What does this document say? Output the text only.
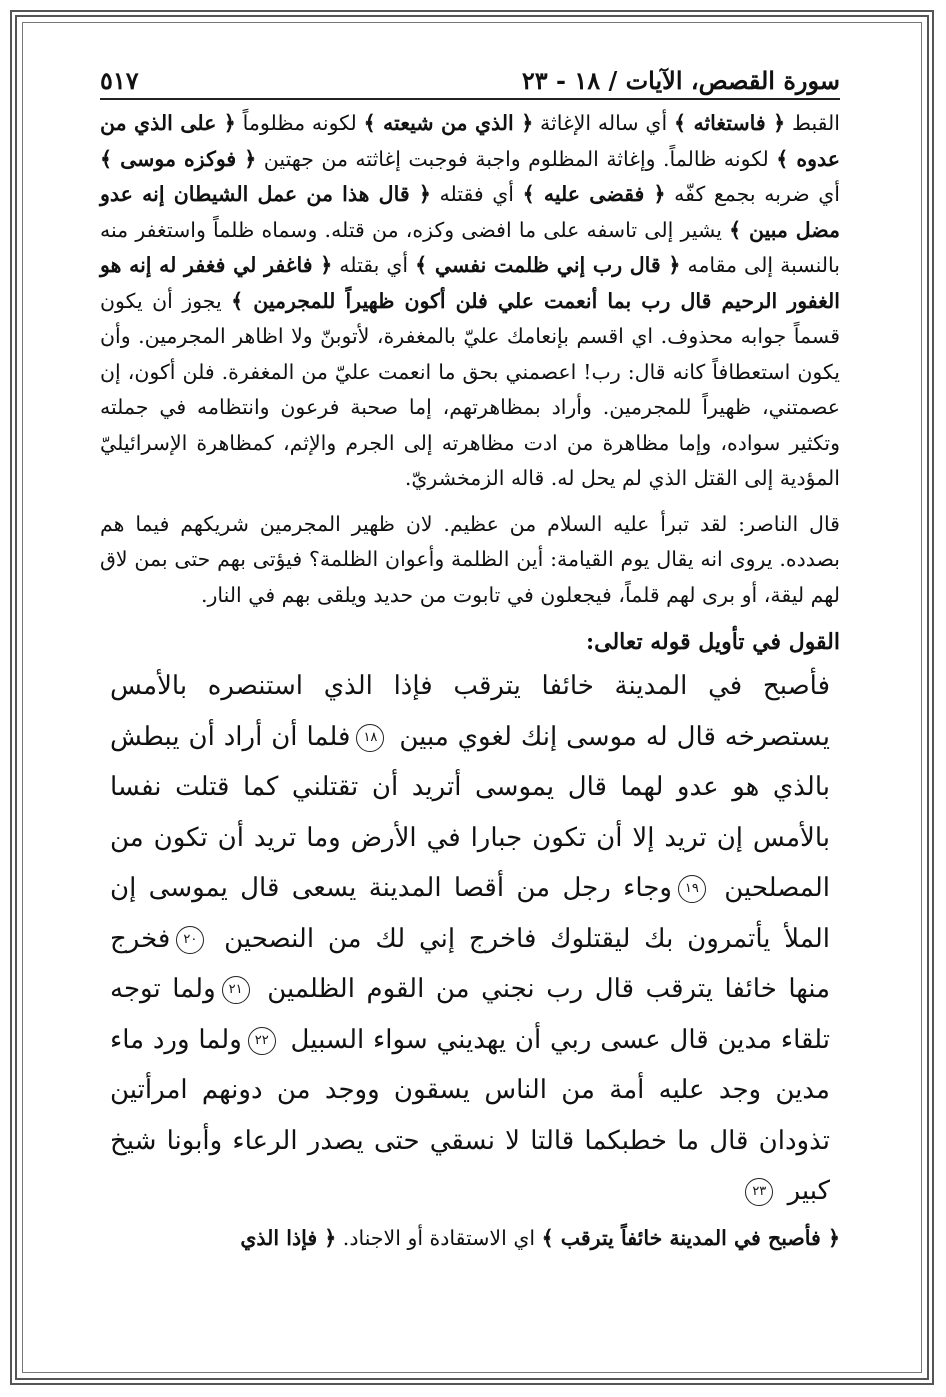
سورة القصص، الآيات / ١٨ - ٢٣
٥١٧

القبط ﴿ فاستغاثه ﴾ أي ساله الإغاثة ﴿ الذي من شيعته ﴾ لكونه مظلوماً ﴿ على الذي من عدوه ﴾ لكونه ظالماً. وإغاثة المظلوم واجبة فوجبت إغاثته من جهتين ﴿ فوكزه موسى ﴾ أي ضربه بجمع كفّه ﴿ فقضى عليه ﴾ أي فقتله ﴿ قال هذا من عمل الشيطان إنه عدو مضل مبين ﴾ يشير إلى تاسفه على ما افضى وكزه، من قتله. وسماه ظلماً واستغفر منه بالنسبة إلى مقامه ﴿ قال رب إني ظلمت نفسي ﴾ أي بقتله ﴿ فاغفر لي فغفر له إنه هو الغفور الرحيم قال رب بما أنعمت علي فلن أكون ظهيراً للمجرمين ﴾ يجوز أن يكون قسماً جوابه محذوف. اي اقسم بإنعامك عليّ بالمغفرة، لأتوبنّ ولا اظاهر المجرمين. وأن يكون استعطافاً كانه قال: رب! اعصمني بحق ما انعمت عليّ من المغفرة. فلن أكون، إن عصمتني، ظهيراً للمجرمين. وأراد بمظاهرتهم، إما صحبة فرعون وانتظامه في جملته وتكثير سواده، وإما مظاهرة من ادت مظاهرته إلى الجرم والإثم، كمظاهرة الإسرائيليّ المؤدية إلى القتل الذي لم يحل له. قاله الزمخشريّ.

قال الناصر: لقد تبرأ عليه السلام من عظيم. لان ظهير المجرمين شريكهم فيما هم بصدده. يروى انه يقال يوم القيامة: أين الظلمة وأعوان الظلمة؟ فيؤتى بهم حتى بمن لاق لهم ليقة، أو برى لهم قلماً، فيجعلون في تابوت من حديد ويلقى بهم في النار.

القول في تأويل قوله تعالى:
فأصبح في المدينة خائفا يترقب فإذا الذي استنصره بالأمس يستصرخه قال له موسى إنك لغوي مبين ١٨فلما أن أراد أن يبطش بالذي هو عدو لهما قال يموسى أتريد أن تقتلني كما قتلت نفسا بالأمس إن تريد إلا أن تكون جبارا في الأرض وما تريد أن تكون من المصلحين ١٩وجاء رجل من أقصا المدينة يسعى قال يموسى إن الملأ يأتمرون بك ليقتلوك فاخرج إني لك من النصحين ٢٠فخرج منها خائفا يترقب قال رب نجني من القوم الظلمين ٢١ولما توجه تلقاء مدين قال عسى ربي أن يهديني سواء السبيل ٢٢ولما ورد ماء مدين وجد عليه أمة من الناس يسقون ووجد من دونهم امرأتين تذودان قال ما خطبكما قالتا لا نسقي حتى يصدر الرعاء وأبونا شيخ كبير ٢٣
﴿ فأصبح في المدينة خائفاً يترقب ﴾ اي الاستقادة أو الاجناد. ﴿ فإذا الذي
